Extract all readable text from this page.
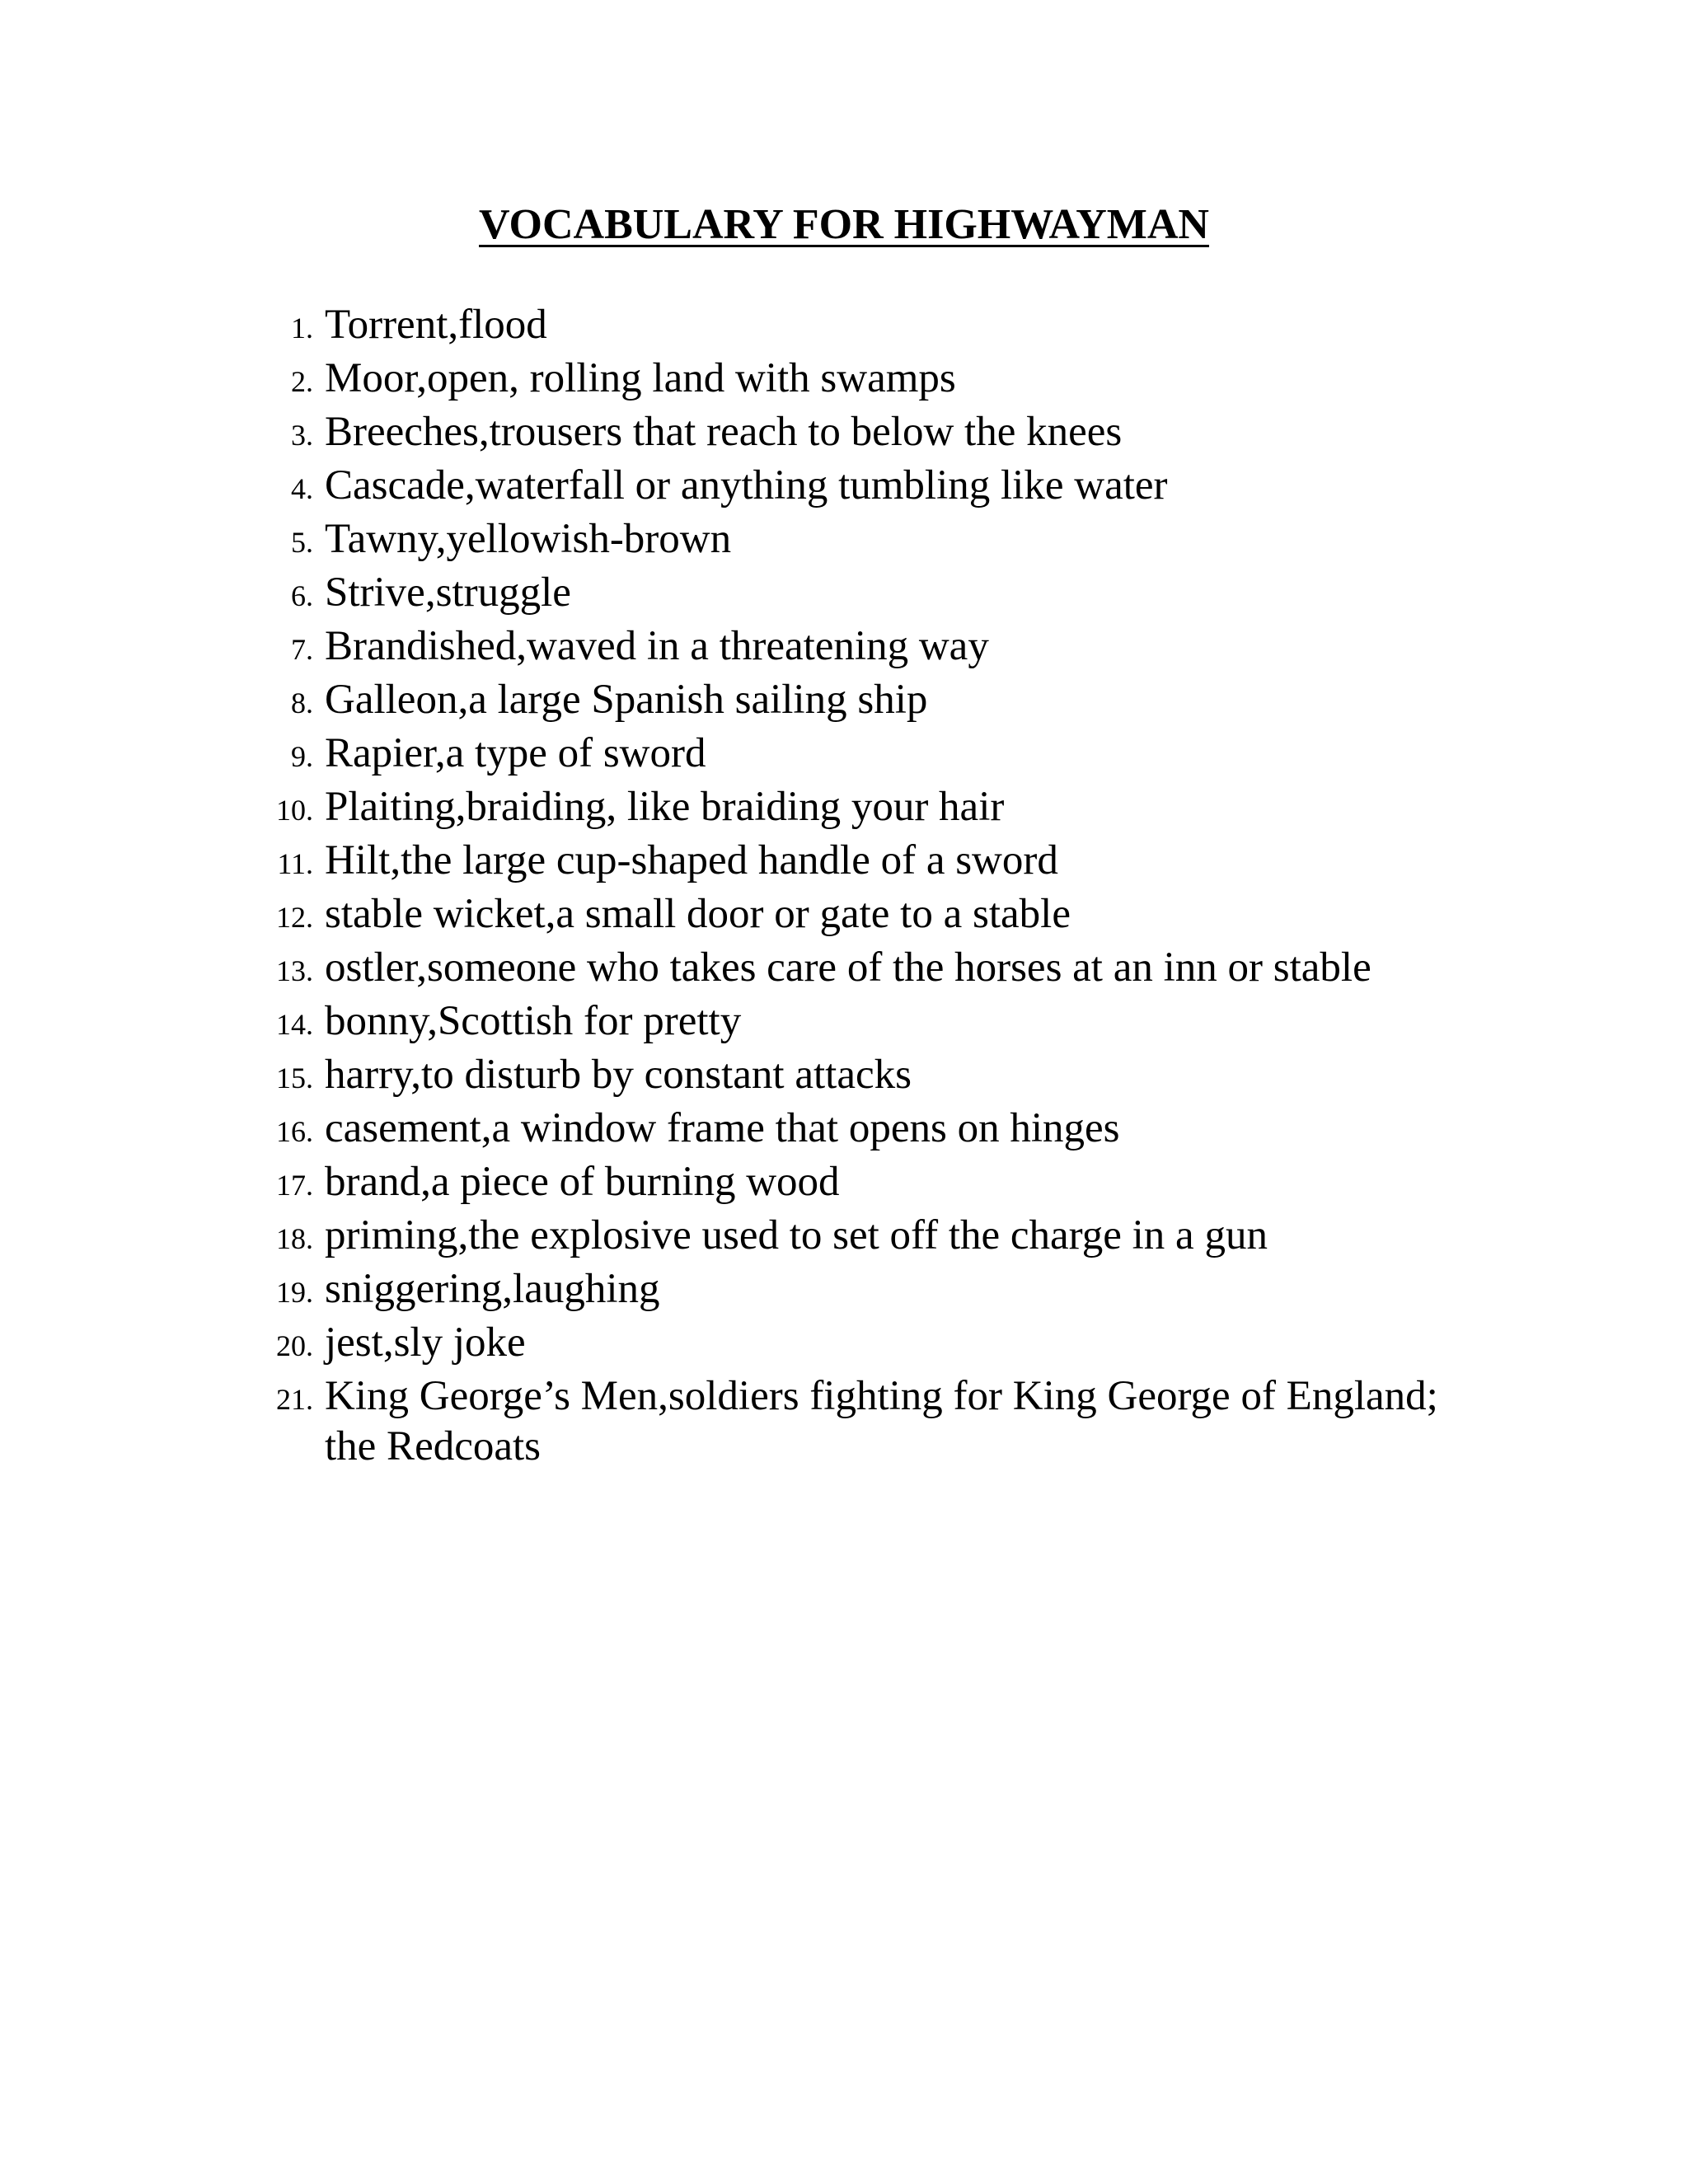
VOCABULARY FOR HIGHWAYMAN
1. Torrent,flood
2. Moor,open, rolling land with swamps
3. Breeches,trousers that reach to below the knees
4. Cascade,waterfall or anything tumbling like water
5. Tawny,yellowish-brown
6. Strive,struggle
7. Brandished,waved in a threatening way
8. Galleon,a large Spanish sailing ship
9. Rapier,a type of sword
10. Plaiting,braiding, like braiding your hair
11. Hilt,the large cup-shaped handle of a sword
12. stable wicket,a small door or gate to a stable
13. ostler,someone who takes care of the horses at an inn or stable
14. bonny,Scottish for pretty
15. harry,to disturb by constant attacks
16. casement,a window frame that opens on hinges
17. brand,a piece of burning wood
18. priming,the explosive used to set off the charge in a gun
19. sniggering,laughing
20. jest,sly joke
21. King George’s Men,soldiers fighting for King George of England; the Redcoats
